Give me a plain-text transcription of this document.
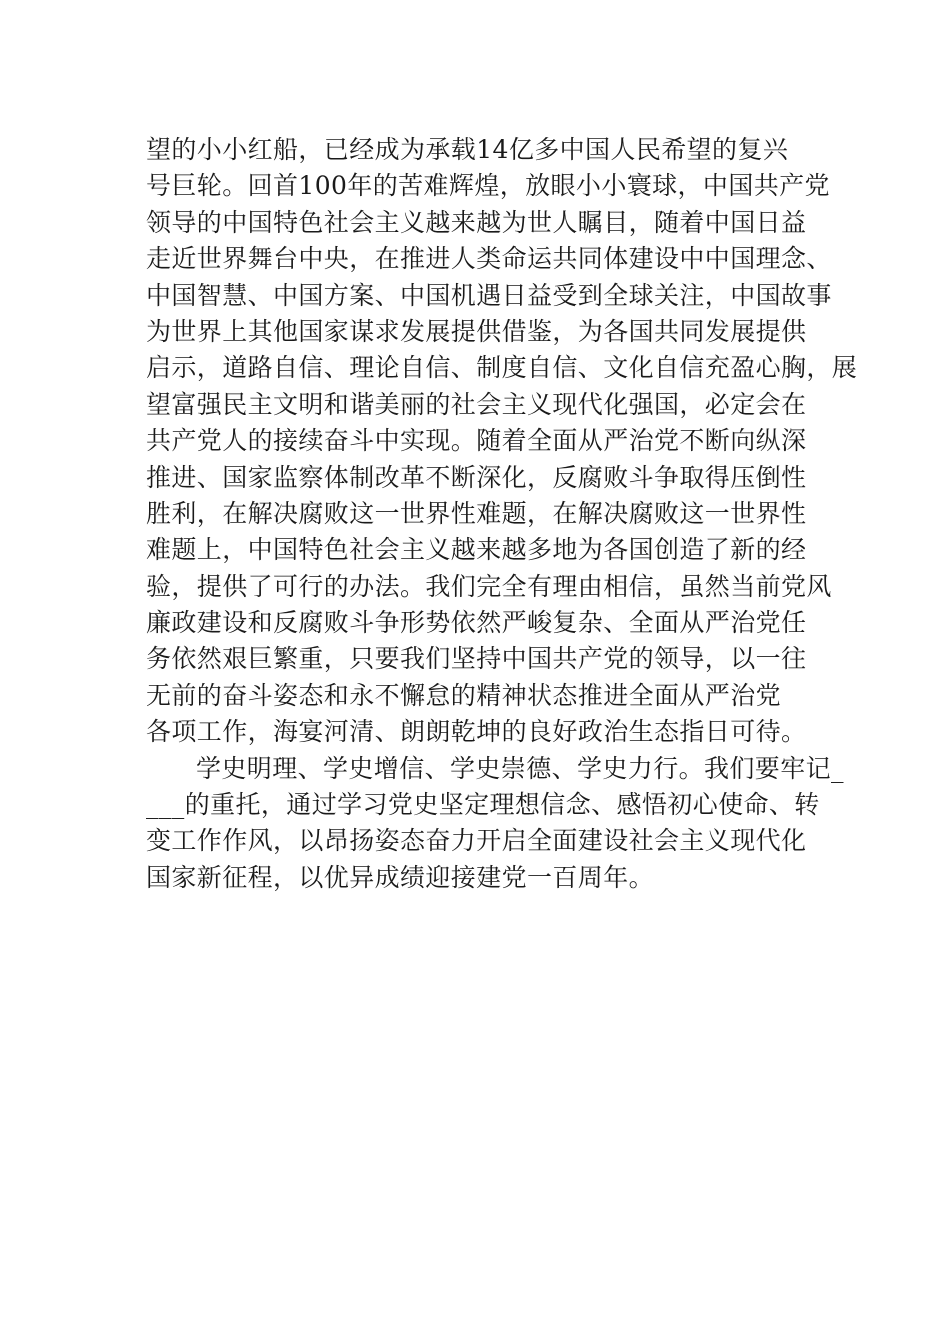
望的小小红船，已经成为承载14亿多中国人民希望的复兴
号巨轮。回首100年的苦难辉煌，放眼小小寰球，中国共产党
领导的中国特色社会主义越来越为世人瞩目，随着中国日益
走近世界舞台中央，在推进人类命运共同体建设中中国理念、
中国智慧、中国方案、中国机遇日益受到全球关注，中国故事
为世界上其他国家谋求发展提供借鉴，为各国共同发展提供
启示，道路自信、理论自信、制度自信、文化自信充盈心胸，展
望富强民主文明和谐美丽的社会主义现代化强国，必定会在
共产党人的接续奋斗中实现。随着全面从严治党不断向纵深
推进、国家监察体制改革不断深化，反腐败斗争取得压倒性
胜利，在解决腐败这一世界性难题，在解决腐败这一世界性
难题上，中国特色社会主义越来越多地为各国创造了新的经
验，提供了可行的办法。我们完全有理由相信，虽然当前党风
廉政建设和反腐败斗争形势依然严峻复杂、全面从严治党任
务依然艰巨繁重，只要我们坚持中国共产党的领导，以一往
无前的奋斗姿态和永不懈怠的精神状态推进全面从严治党
各项工作，海宴河清、朗朗乾坤的良好政治生态指日可待。
学史明理、学史增信、学史崇德、学史力行。我们要牢记_
___的重托，通过学习党史坚定理想信念、感悟初心使命、转
变工作作风，以昂扬姿态奋力开启全面建设社会主义现代化
国家新征程，以优异成绩迎接建党一百周年。
